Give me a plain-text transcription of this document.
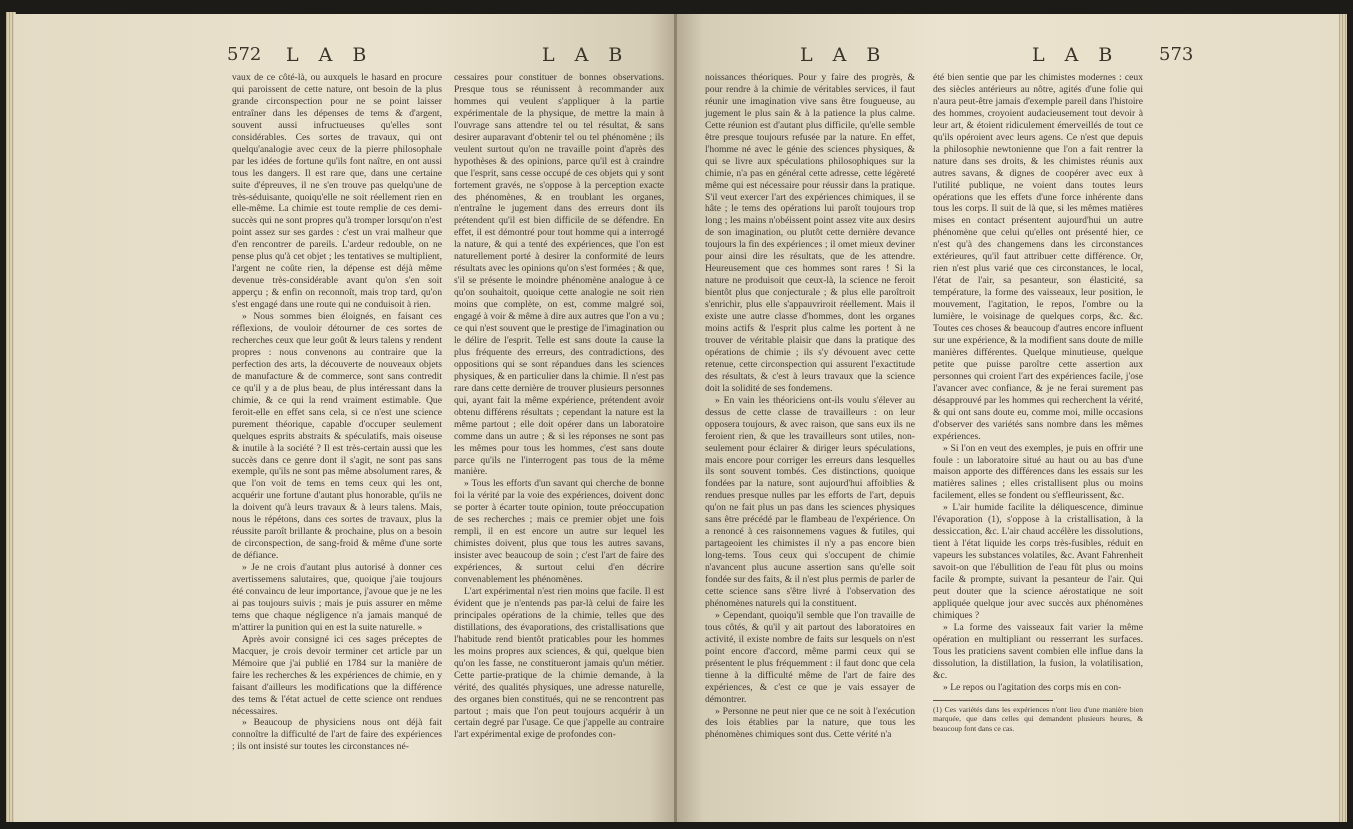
572 L A B	L A B

vaux de ce côté-là, ou auxquels le hasard en procure qui paroissent de cette nature, ont besoin de la plus grande circonspection pour ne se point laisser entraîner dans les dépenses de tems & d'argent, souvent aussi infructueuses qu'elles sont considérables. Ces sortes de travaux, qui ont quelqu'analogie avec ceux de la pierre philosophale par les idées de fortune qu'ils font naître, en ont aussi tous les dangers. Il est rare que, dans une certaine suite d'épreuves, il ne s'en trouve pas quelqu'une de très-séduisante, quoiqu'elle ne soit réellement rien en elle-même. La chimie est toute remplie de ces demi-succès qui ne sont propres qu'à tromper lorsqu'on n'est point assez sur ses gardes : c'est un vrai malheur que d'en rencontrer de pareils. L'ardeur redouble, on ne pense plus qu'à cet objet ; les tentatives se multiplient, l'argent ne coûte rien, la dépense est déjà même devenue très-considérable avant qu'on s'en soit apperçu ; & enfin on reconnoît, mais trop tard, qu'on s'est engagé dans une route qui ne conduisoit à rien.

» Nous sommes bien éloignés, en faisant ces réflexions, de vouloir détourner de ces sortes de recherches ceux que leur goût & leurs talens y rendent propres : nous convenons au contraire que la perfection des arts, la découverte de nouveaux objets de manufacture & de commerce, sont sans contredit ce qu'il y a de plus beau, de plus intéressant dans la chimie, & ce qui la rend vraiment estimable. Que feroit-elle en effet sans cela, si ce n'est une science purement théorique, capable d'occuper seulement quelques esprits abstraits & spéculatifs, mais oiseuse & inutile à la société ? Il est très-certain aussi que les succès dans ce genre dont il s'agit, ne sont pas sans exemple, qu'ils ne sont pas même absolument rares, & que l'on voit de tems en tems ceux qui les ont, acquérir une fortune d'autant plus honorable, qu'ils ne la doivent qu'à leurs travaux & à leurs talens. Mais, nous le répétons, dans ces sortes de travaux, plus la réussite paroît brillante & prochaine, plus on a besoin de circonspection, de sang-froid & même d'une sorte de défiance.

» Je ne crois d'autant plus autorisé à donner ces avertissemens salutaires, que, quoique j'aie toujours été convaincu de leur importance, j'avoue que je ne les ai pas toujours suivis ; mais je puis assurer en même tems que chaque négligence n'a jamais manqué de m'attirer la punition qui en est la suite naturelle. »

Après avoir consigné ici ces sages préceptes de Macquer, je crois devoir terminer cet article par un Mémoire que j'ai publié en 1784 sur la manière de faire les recherches & les expériences de chimie, en y faisant d'ailleurs les modifications que la différence des tems & l'état actuel de cette science ont rendues nécessaires.

» Beaucoup de physiciens nous ont déjà fait connoître la difficulté de l'art de faire des expériences ; ils ont insisté sur toutes les circonstances né-

cessaires pour constituer de bonnes observations. Presque tous se réunissent à recommander aux hommes qui veulent s'appliquer à la partie expérimentale de la physique, de mettre la main à l'ouvrage sans attendre tel ou tel résultat, & sans desirer auparavant d'obtenir tel ou tel phénomène ; ils veulent surtout qu'on ne travaille point d'après des hypothèses & des opinions, parce qu'il est à craindre que l'esprit, sans cesse occupé de ces objets qui y sont fortement gravés, ne s'oppose à la perception exacte des phénomènes, & en troublant les organes, n'entraîne le jugement dans des erreurs dont ils prétendent qu'il est bien difficile de se défendre. En effet, il est démontré pour tout homme qui a interrogé la nature, & qui a tenté des expériences, que l'on est naturellement porté à desirer la conformité de leurs résultats avec les opinions qu'on s'est formées ; & que, s'il se présente le moindre phénomène analogue à ce qu'on souhaitoit, quoique cette analogie ne soit rien moins que complète, on est, comme malgré soi, engagé à voir & même à dire aux autres que l'on a vu ; ce qui n'est souvent que le prestige de l'imagination ou le délire de l'esprit. Telle est sans doute la cause la plus fréquente des erreurs, des contradictions, des oppositions qui se sont répandues dans les sciences physiques, & en particulier dans la chimie. Il n'est pas rare dans cette dernière de trouver plusieurs personnes qui, ayant fait la même expérience, prétendent avoir obtenu différens résultats ; cependant la nature est la même partout ; elle doit opérer dans un laboratoire comme dans un autre ; & si les réponses ne sont pas les mêmes pour tous les hommes, c'est sans doute parce qu'ils ne l'interrogent pas tous de la même manière.

» Tous les efforts d'un savant qui cherche de bonne foi la vérité par la voie des expériences, doivent donc se porter à écarter toute opinion, toute préoccupation de ses recherches ; mais ce premier objet une fois rempli, il en est encore un autre sur lequel les chimistes doivent, plus que tous les autres savans, insister avec beaucoup de soin ; c'est l'art de faire des expériences, & surtout celui d'en décrire convenablement les phénomènes.

L'art expérimental n'est rien moins que facile. Il est évident que je n'entends pas par-là celui de faire les principales opérations de la chimie, telles que des distillations, des évaporations, des cristallisations que l'habitude rend bientôt praticables pour les hommes les moins propres aux sciences, & qui, quelque bien qu'on les fasse, ne constitueront jamais qu'un métier. Cette partie-pratique de la chimie demande, à la vérité, des qualités physiques, une adresse naturelle, des organes bien constitués, qui ne se rencontrent pas partout ; mais que l'on peut toujours acquérir à un certain degré par l'usage. Ce que j'appelle au contraire l'art expérimental exige de profondes con-

L A B	L A B 573

noissances théoriques. Pour y faire des progrès, & pour rendre à la chimie de véritables services, il faut réunir une imagination vive sans être fougueuse, au jugement le plus sain & à la patience la plus calme. Cette réunion est d'autant plus difficile, qu'elle semble être presque toujours refusée par la nature. En effet, l'homme né avec le génie des sciences physiques, & qui se livre aux spéculations philosophiques sur la chimie, n'a pas en général cette adresse, cette légèreté même qui est nécessaire pour réussir dans la pratique. S'il veut exercer l'art des expériences chimiques, il se hâte ; le tems des opérations lui paroît toujours trop long ; les mains n'obéissent point assez vite aux desirs de son imagination, ou plutôt cette dernière devance toujours la fin des expériences ; il omet mieux deviner pour ainsi dire les résultats, que de les attendre. Heureusement que ces hommes sont rares ! Si la nature ne produisoit que ceux-là, la science ne feroit bientôt plus que conjecturale ; & plus elle paroîtroit s'enrichir, plus elle s'appauvriroit réellement. Mais il existe une autre classe d'hommes, dont les organes moins actifs & l'esprit plus calme les portent à ne trouver de véritable plaisir que dans la pratique des opérations de chimie ; ils s'y dévouent avec cette retenue, cette circonspection qui assurent l'exactitude des résultats, & c'est à leurs travaux que la science doit la solidité de ses fondemens.

» En vain les théoriciens ont-ils voulu s'élever au dessus de cette classe de travailleurs : on leur opposera toujours, & avec raison, que sans eux ils ne feroient rien, & que les travailleurs sont utiles, non-seulement pour éclairer & diriger leurs spéculations, mais encore pour corriger les erreurs dans lesquelles ils sont souvent tombés. Ces distinctions, quoique fondées par la nature, sont aujourd'hui affoiblies & rendues presque nulles par les efforts de l'art, depuis qu'on ne fait plus un pas dans les sciences physiques sans être précédé par le flambeau de l'expérience. On a renoncé à ces raisonnemens vagues & futiles, qui partageoient les chimistes il n'y a pas encore bien long-tems. Tous ceux qui s'occupent de chimie n'avancent plus aucune assertion sans qu'elle soit fondée sur des faits, & il n'est plus permis de parler de cette science sans s'être livré à l'observation des phénomènes naturels qui la constituent.

» Cependant, quoiqu'il semble que l'on travaille de tous côtés, & qu'il y ait partout des laboratoires en activité, il existe nombre de faits sur lesquels on n'est point encore d'accord, même parmi ceux qui se présentent le plus fréquemment : il faut donc que cela tienne à la difficulté même de l'art de faire des expériences, & c'est ce que je vais essayer de démontrer.

» Personne ne peut nier que ce ne soit à l'exécution des lois établies par la nature, que tous les phénomènes chimiques sont dus. Cette vérité n'a

été bien sentie que par les chimistes modernes : ceux des siècles antérieurs au nôtre, agités d'une folie qui n'aura peut-être jamais d'exemple pareil dans l'histoire des hommes, croyoient audacieusement tout devoir à leur art, & étoient ridiculement émerveillés de tout ce qu'ils opéroient avec leurs agens. Ce n'est que depuis la philosophie newtonienne que l'on a fait rentrer la nature dans ses droits, & les chimistes réunis aux autres savans, & dignes de coopérer avec eux à l'utilité publique, ne voient dans toutes leurs opérations que les effets d'une force inhérente dans tous les corps. Il suit de là que, si les mêmes matières mises en contact présentent aujourd'hui un autre phénomène que celui qu'elles ont présenté hier, ce n'est qu'à des changemens dans les circonstances extérieures, qu'il faut attribuer cette différence. Or, rien n'est plus varié que ces circonstances, le local, l'état de l'air, sa pesanteur, son élasticité, sa température, la forme des vaisseaux, leur position, le mouvement, l'agitation, le repos, l'ombre ou la lumière, le voisinage de quelques corps, &c. &c. Toutes ces choses & beaucoup d'autres encore influent sur une expérience, & la modifient sans doute de mille manières différentes. Quelque minutieuse, quelque petite que puisse paroître cette assertion aux personnes qui croient l'art des expériences facile, j'ose l'avancer avec confiance, & je ne ferai surement pas désapprouvé par les hommes qui recherchent la vérité, & qui ont sans doute eu, comme moi, mille occasions d'observer des variétés sans nombre dans les mêmes expériences.

» Si l'on en veut des exemples, je puis en offrir une foule : un laboratoire situé au haut ou au bas d'une maison apporte des différences dans les essais sur les matières salines ; elles cristallisent plus ou moins facilement, elles se fondent ou s'effleurissent, &c.

» L'air humide facilite la déliquescence, diminue l'évaporation (1), s'oppose à la cristallisation, à la dessiccation, &c. L'air chaud accélère les dissolutions, tient à l'état liquide les corps très-fusibles, réduit en vapeurs les substances volatiles, &c. Avant Fahrenheit savoit-on que l'ébullition de l'eau fût plus ou moins facile & prompte, suivant la pesanteur de l'air. Qui peut douter que la science aérostatique ne soit appliquée quelque jour avec succès aux phénomènes chimiques ?

» La forme des vaisseaux fait varier la même opération en multipliant ou resserrant les surfaces. Tous les praticiens savent combien elle influe dans la dissolution, la distillation, la fusion, la volatilisation, &c.

» Le repos ou l'agitation des corps mis en con-

(1) Ces variétés dans les expériences n'ont lieu d'une manière bien marquée, que dans celles qui demandent plusieurs heures, & beaucoup font dans ce cas.
